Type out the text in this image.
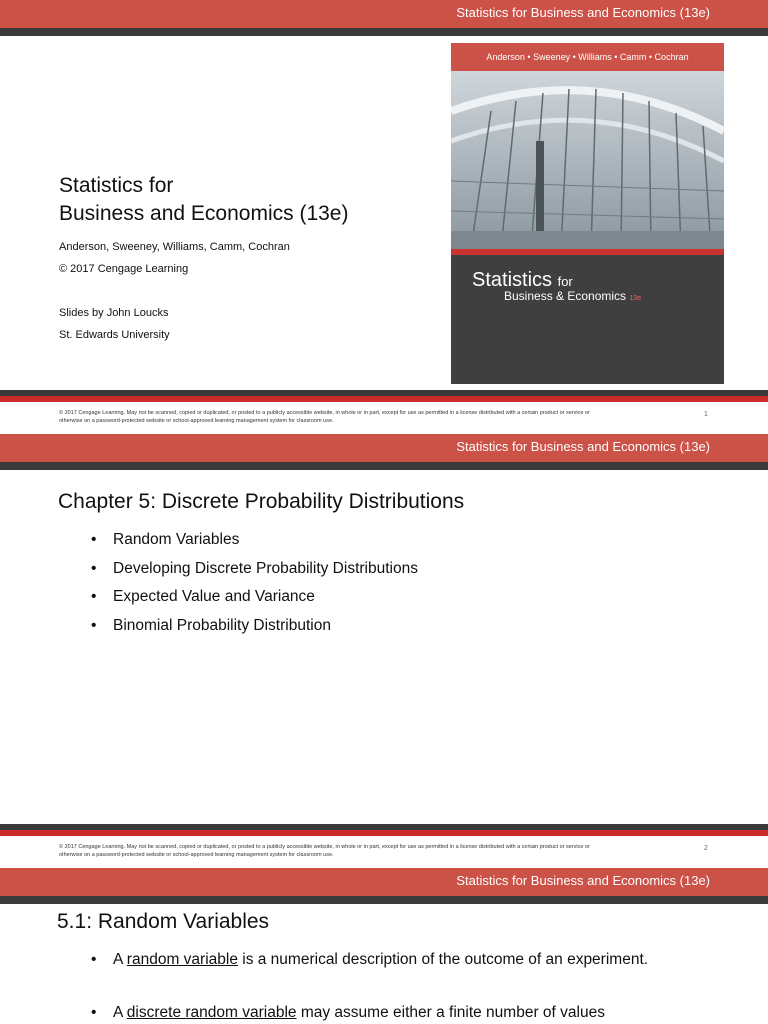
Statistics for Business and Economics (13e)
Statistics for
Business and Economics (13e)
Anderson, Sweeney, Williams, Camm, Cochran
© 2017 Cengage Learning
Slides by John Loucks
St. Edwards University
Anderson • Sweeney • Williams • Camm • Cochran
Statistics for
Business & Economics 13e
© 2017 Cengage Learning. May not be scanned, copied or duplicated, or posted to a publicly accessible website, in whole or in part, except for use as permitted in a license distributed with a certain product or service or
otherwise on a password-protected website or school-approved learning management system for classroom use.
1
Statistics for Business and Economics (13e)
Chapter 5: Discrete Probability Distributions
• Random Variables
• Developing Discrete Probability Distributions
• Expected Value and Variance
• Binomial Probability Distribution
© 2017 Cengage Learning. May not be scanned, copied or duplicated, or posted to a publicly accessible website, in whole or in part, except for use as permitted in a license distributed with a certain product or service or
otherwise on a password-protected website or school-approved learning management system for classroom use.
2
Statistics for Business and Economics (13e)
5.1: Random Variables
•	A random variable is a numerical description of the outcome of an experiment.
•	A discrete random variable may assume either a finite number of values
